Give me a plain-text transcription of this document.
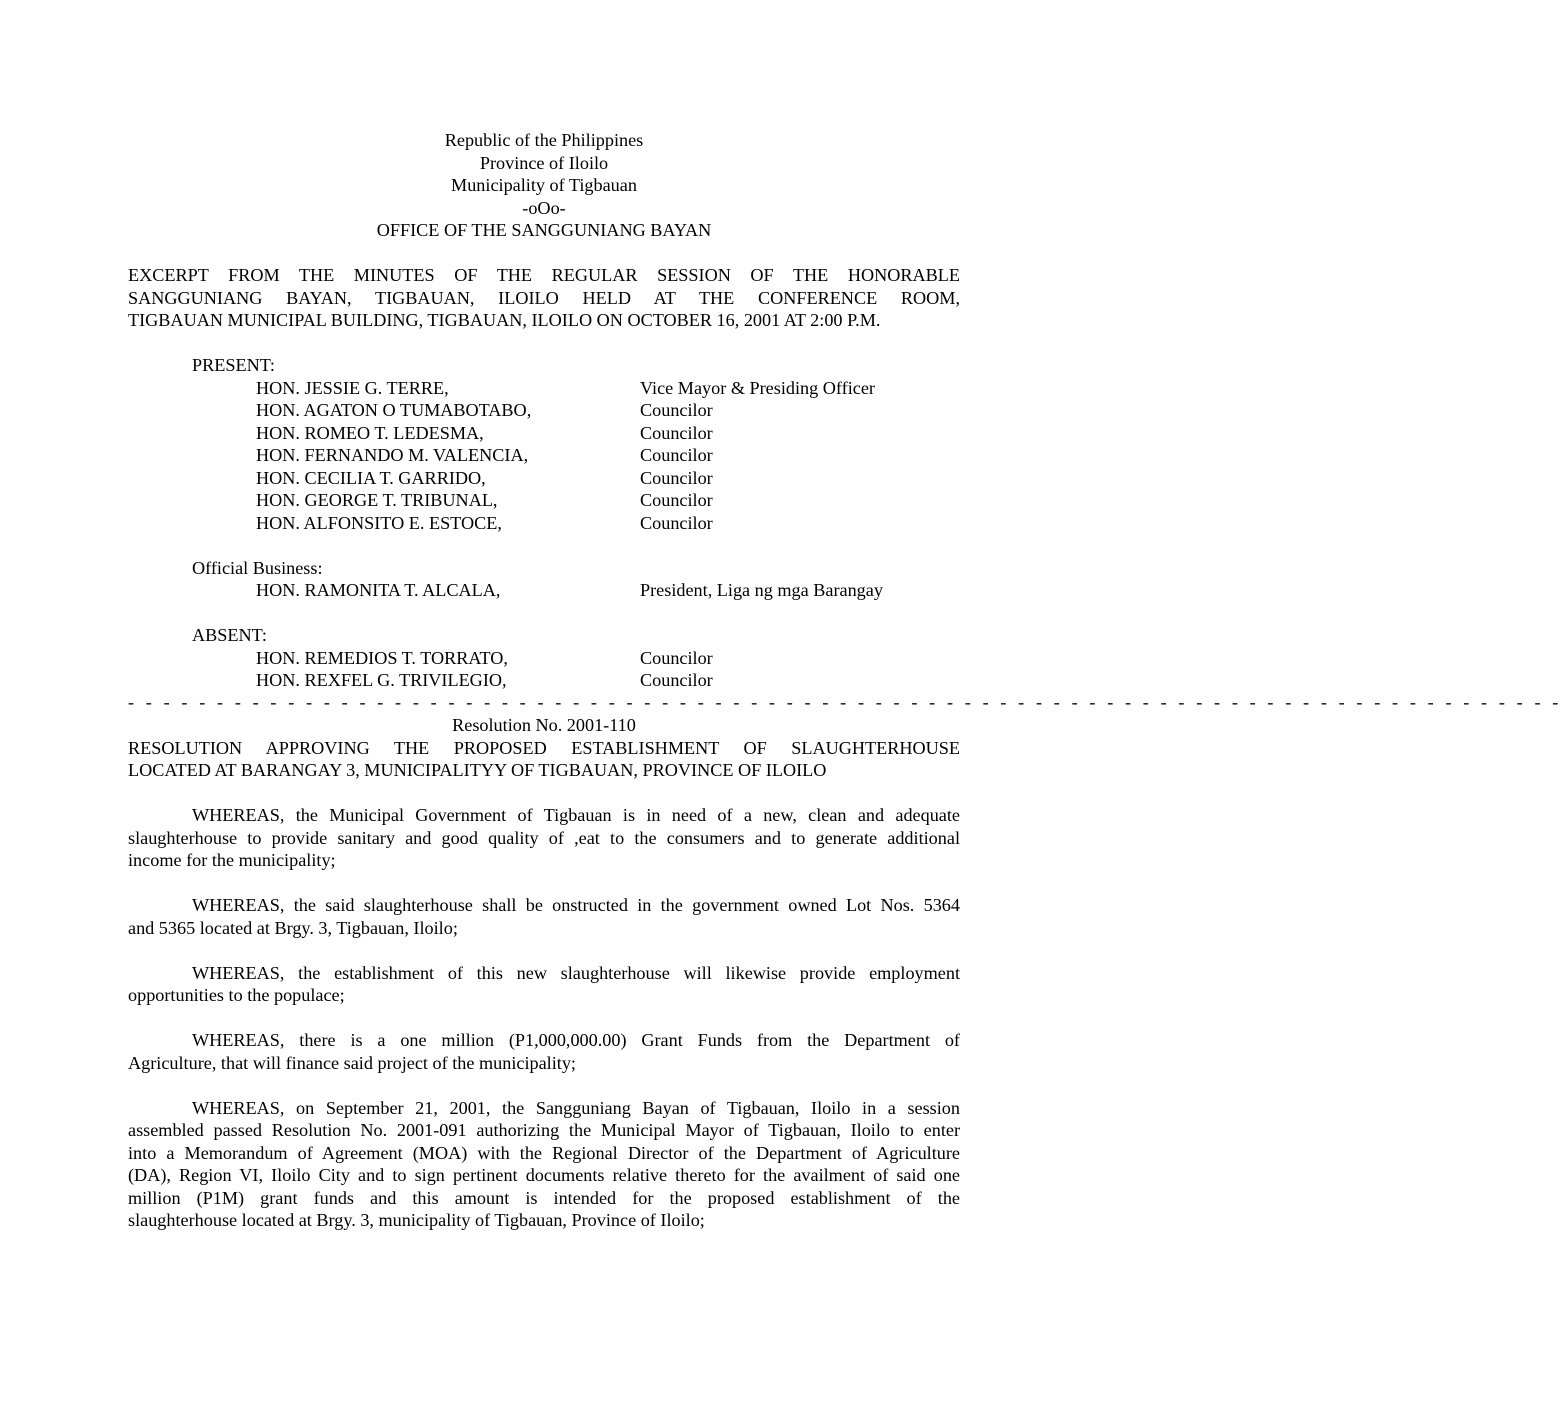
Republic of the Philippines
Province of Iloilo
Municipality of Tigbauan
-oOo-
OFFICE OF THE SANGGUNIANG BAYAN
EXCERPT FROM THE MINUTES OF THE REGULAR SESSION OF THE HONORABLE
SANGGUNIANG BAYAN, TIGBAUAN, ILOILO HELD AT THE CONFERENCE ROOM,
TIGBAUAN MUNICIPAL BUILDING, TIGBAUAN, ILOILO ON OCTOBER 16, 2001 AT 2:00 P.M.
PRESENT:
HON. JESSIE G. TERRE,	Vice Mayor & Presiding Officer
HON. AGATON O TUMABOTABO,	Councilor
HON. ROMEO T. LEDESMA,	Councilor
HON. FERNANDO M. VALENCIA,	Councilor
HON. CECILIA T. GARRIDO,	Councilor
HON. GEORGE T. TRIBUNAL,	Councilor
HON. ALFONSITO E. ESTOCE,	Councilor
Official Business:
HON. RAMONITA T. ALCALA,	President, Liga ng mga Barangay
ABSENT:
HON. REMEDIOS T. TORRATO,	Councilor
HON. REXFEL G. TRIVILEGIO,	Councilor
- - - - - - - - - - - - - - - - - - - - - - - - - - - - - - - - - - - - - - - - - - - - - - - - - - - - - - - - - - - - - - - - - - - - - - - - - - - - - - - - -
Resolution No. 2001-110
RESOLUTION APPROVING THE PROPOSED ESTABLISHMENT OF SLAUGHTERHOUSE
LOCATED AT BARANGAY 3, MUNICIPALITYY OF TIGBAUAN, PROVINCE OF ILOILO
WHEREAS, the Municipal Government of Tigbauan is in need of a new, clean and adequate
slaughterhouse to provide sanitary and good quality of ,eat to the consumers and to generate additional
income for the municipality;
WHEREAS, the said slaughterhouse shall be onstructed in the government owned Lot Nos. 5364
and 5365 located at Brgy. 3, Tigbauan, Iloilo;
WHEREAS, the establishment of this new slaughterhouse will likewise provide employment
opportunities to the populace;
WHEREAS, there is a one million (P1,000,000.00) Grant Funds from the Department of
Agriculture, that will finance said project of the municipality;
WHEREAS, on September 21, 2001, the Sangguniang Bayan of Tigbauan, Iloilo in a session
assembled passed Resolution No. 2001-091 authorizing the Municipal Mayor of Tigbauan, Iloilo to enter
into a Memorandum of Agreement (MOA) with the Regional Director of the Department of Agriculture
(DA), Region VI, Iloilo City and to sign pertinent documents relative thereto for the availment of said one
million (P1M) grant funds and this amount is intended for the proposed establishment of the
slaughterhouse located at Brgy. 3, municipality of Tigbauan, Province of Iloilo;
